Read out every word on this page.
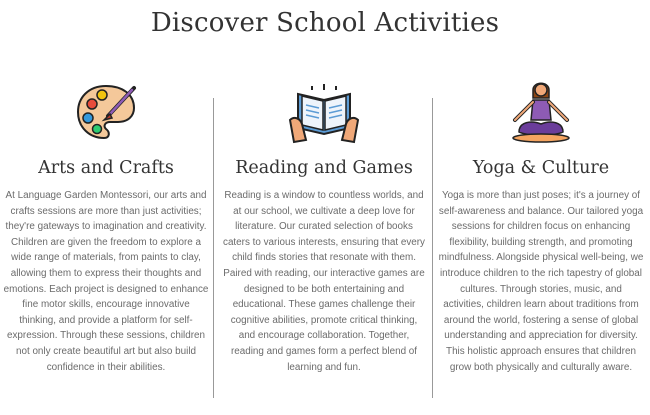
Discover School Activities
Arts and Crafts
At Language Garden Montessori, our arts and crafts sessions are more than just activities; they're gateways to imagination and creativity. Children are given the freedom to explore a wide range of materials, from paints to clay, allowing them to express their thoughts and emotions. Each project is designed to enhance fine motor skills, encourage innovative thinking, and provide a platform for self-expression. Through these sessions, children not only create beautiful art but also build confidence in their abilities.
Reading and Games
Reading is a window to countless worlds, and at our school, we cultivate a deep love for literature. Our curated selection of books caters to various interests, ensuring that every child finds stories that resonate with them. Paired with reading, our interactive games are designed to be both entertaining and educational. These games challenge their cognitive abilities, promote critical thinking, and encourage collaboration. Together, reading and games form a perfect blend of learning and fun.
Yoga & Culture
Yoga is more than just poses; it's a journey of self-awareness and balance. Our tailored yoga sessions for children focus on enhancing flexibility, building strength, and promoting mindfulness. Alongside physical well-being, we introduce children to the rich tapestry of global cultures. Through stories, music, and activities, children learn about traditions from around the world, fostering a sense of global understanding and appreciation for diversity. This holistic approach ensures that children grow both physically and culturally aware.
